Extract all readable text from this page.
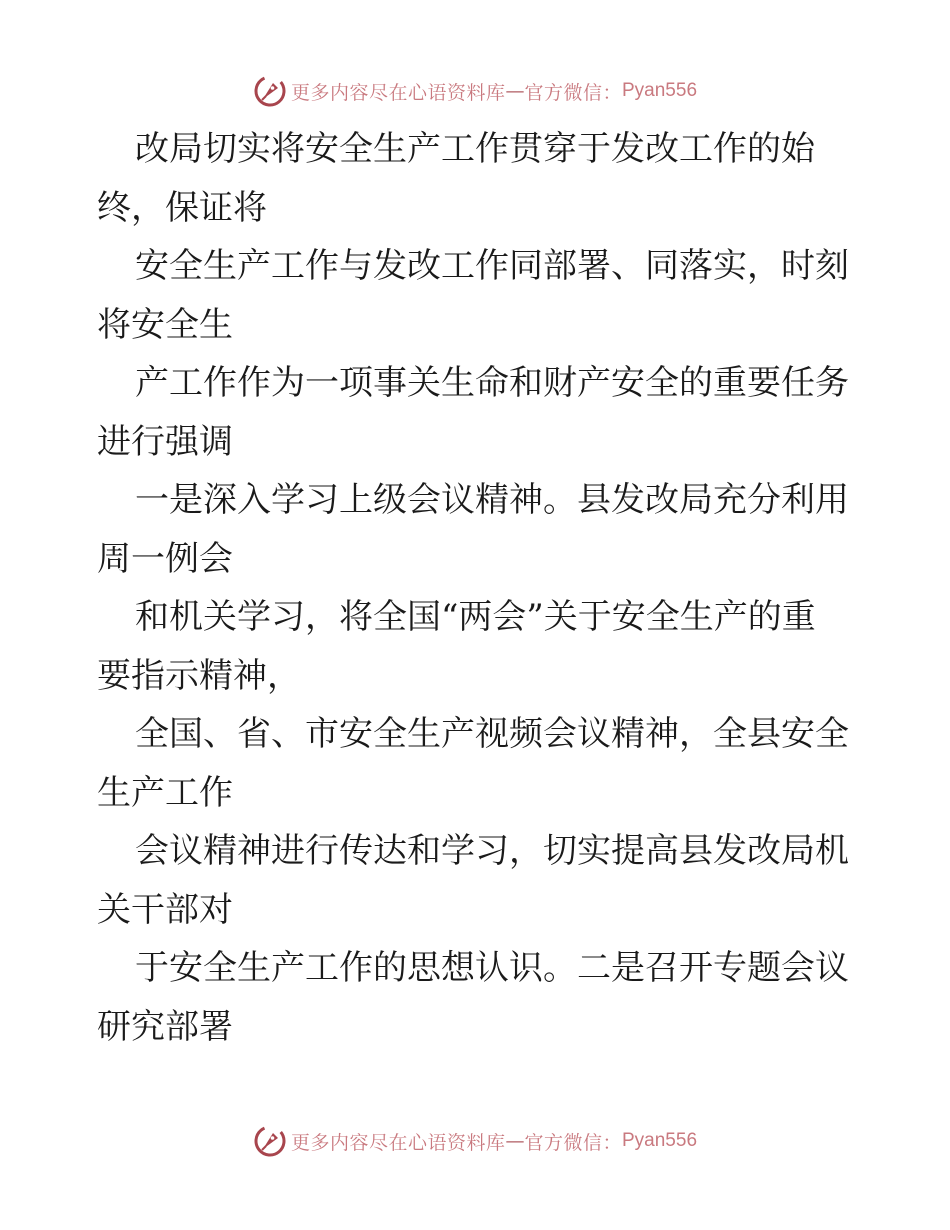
更多内容尽在心语资料库 — 官方微信： Pyan556
改局切实将安全生产工作贯穿于发改工作的始
终，保证将
安全生产工作与发改工作同部署、同落实，时刻
将安全生
产工作作为一项事关生命和财产安全的重要任务
进行强调
一是深入学习上级会议精神。县发改局充分利用
周一例会
和机关学习，将全国“两会”关于安全生产的重
要指示精神，
全国、省、市安全生产视频会议精神，全县安全
生产工作
会议精神进行传达和学习，切实提高县发改局机
关干部对
于安全生产工作的思想认识。二是召开专题会议
研究部署
更多内容尽在心语资料库 — 官方微信： Pyan556
